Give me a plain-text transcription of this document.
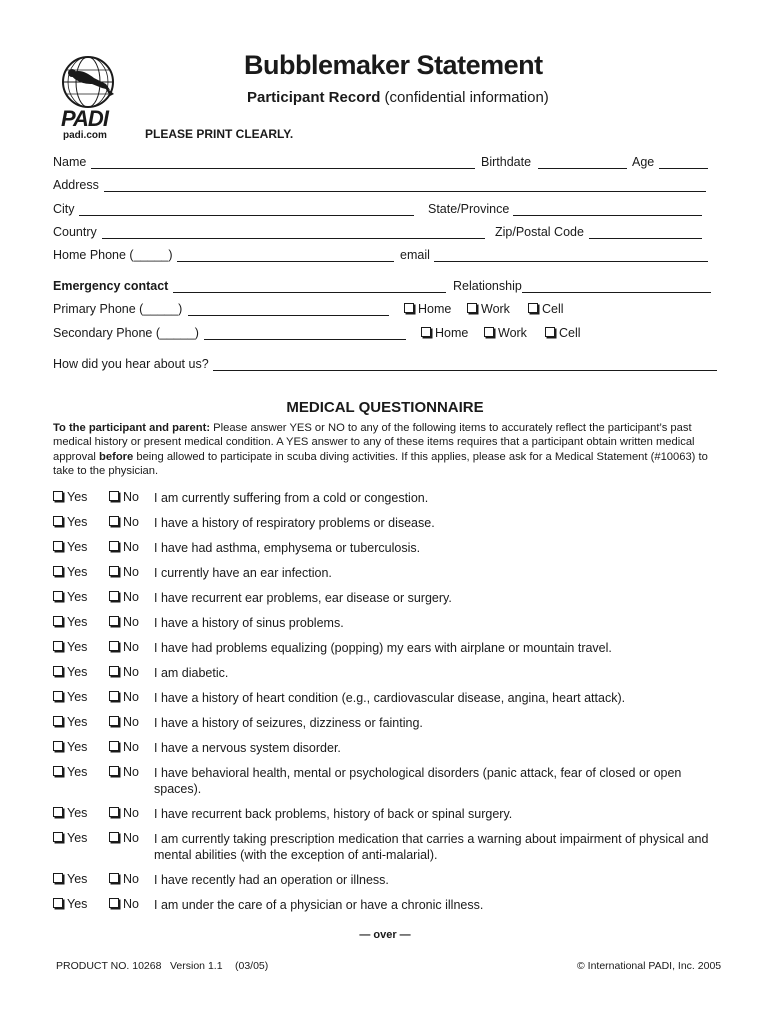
PADI
padi.com
Bubblemaker Statement
Participant Record (confidential information)
PLEASE PRINT CLEARLY.
Name	Birthdate	Age
Address
City	State/Province
Country	Zip/Postal Code
Home Phone (_____)	email
Emergency contact	Relationship
Primary Phone (_____)	Home	Work	Cell
Secondary Phone (_____)	Home	Work	Cell
How did you hear about us?
MEDICAL QUESTIONNAIRE
To the participant and parent: Please answer YES or NO to any of the following items to accurately reflect the participant’s past medical history or present medical condition. A YES answer to any of these items requires that a participant obtain written medical approval before being allowed to participate in scuba diving activities. If this applies, please ask for a Medical Statement (#10063) to take to the physician.
Yes	No	I am currently suffering from a cold or congestion.
Yes	No	I have a history of respiratory problems or disease.
Yes	No	I have had asthma, emphysema or tuberculosis.
Yes	No	I currently have an ear infection.
Yes	No	I have recurrent ear problems, ear disease or surgery.
Yes	No	I have a history of sinus problems.
Yes	No	I have had problems equalizing (popping) my ears with airplane or mountain travel.
Yes	No	I am diabetic.
Yes	No	I have a history of heart condition (e.g., cardiovascular disease, angina, heart attack).
Yes	No	I have a history of seizures, dizziness or fainting.
Yes	No	I have a nervous system disorder.
Yes	No	I have behavioral health, mental or psychological disorders (panic attack, fear of closed or open spaces).
Yes	No	I have recurrent back problems, history of back or spinal surgery.
Yes	No	I am currently taking prescription medication that carries a warning about impairment of physical and mental abilities (with the exception of anti-malarial).
Yes	No	I have recently had an operation or illness.
Yes	No	I am under the care of a physician or have a chronic illness.
— over —
PRODUCT NO. 10268 Version 1.1 (03/05)	© International PADI, Inc. 2005
